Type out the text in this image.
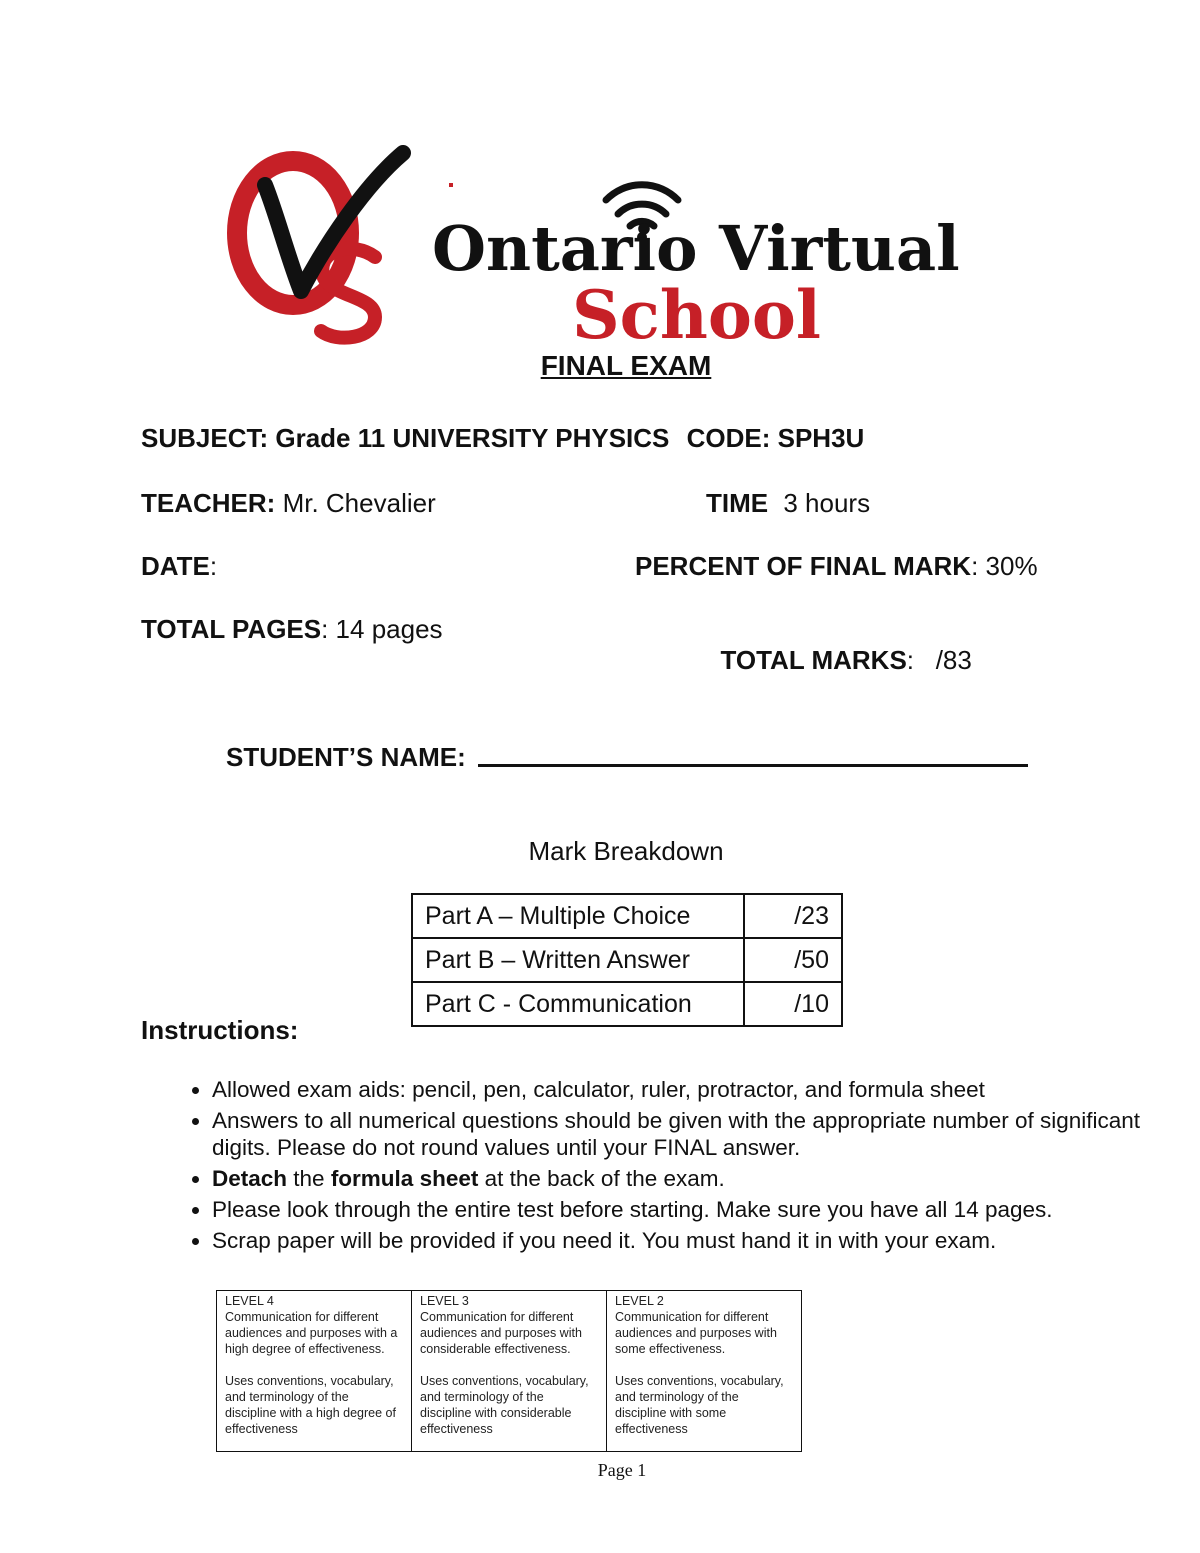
Ontario Virtual
School
FINAL EXAM
SUBJECT: Grade 11 UNIVERSITY PHYSICS CODE: SPH3U
TEACHER: Mr. Chevalier	TIME 3 hours
DATE:	PERCENT OF FINAL MARK: 30%
TOTAL PAGES: 14 pages

TOTAL MARKS:   /83

STUDENT’S NAME:
Mark Breakdown
Part A – Multiple Choice	/23
Part B – Written Answer	/50
Part C - Communication	/10
Instructions:
• Allowed exam aids: pencil, pen, calculator, ruler, protractor, and formula sheet
• Answers to all numerical questions should be given with the appropriate number of significant digits. Please do not round values until your FINAL answer.
• Detach the formula sheet at the back of the exam.
• Please look through the entire test before starting. Make sure you have all 14 pages.
• Scrap paper will be provided if you need it. You must hand it in with your exam.
LEVEL 4
Communication for different audiences and purposes with a high degree of effectiveness.
Uses conventions, vocabulary, and terminology of the discipline with a high degree of effectiveness

LEVEL 3
Communication for different audiences and purposes with considerable effectiveness.
Uses conventions, vocabulary, and terminology of the discipline with considerable effectiveness

LEVEL 2
Communication for different audiences and purposes with some effectiveness.
Uses conventions, vocabulary, and terminology of the discipline with some effectiveness
Page 1
